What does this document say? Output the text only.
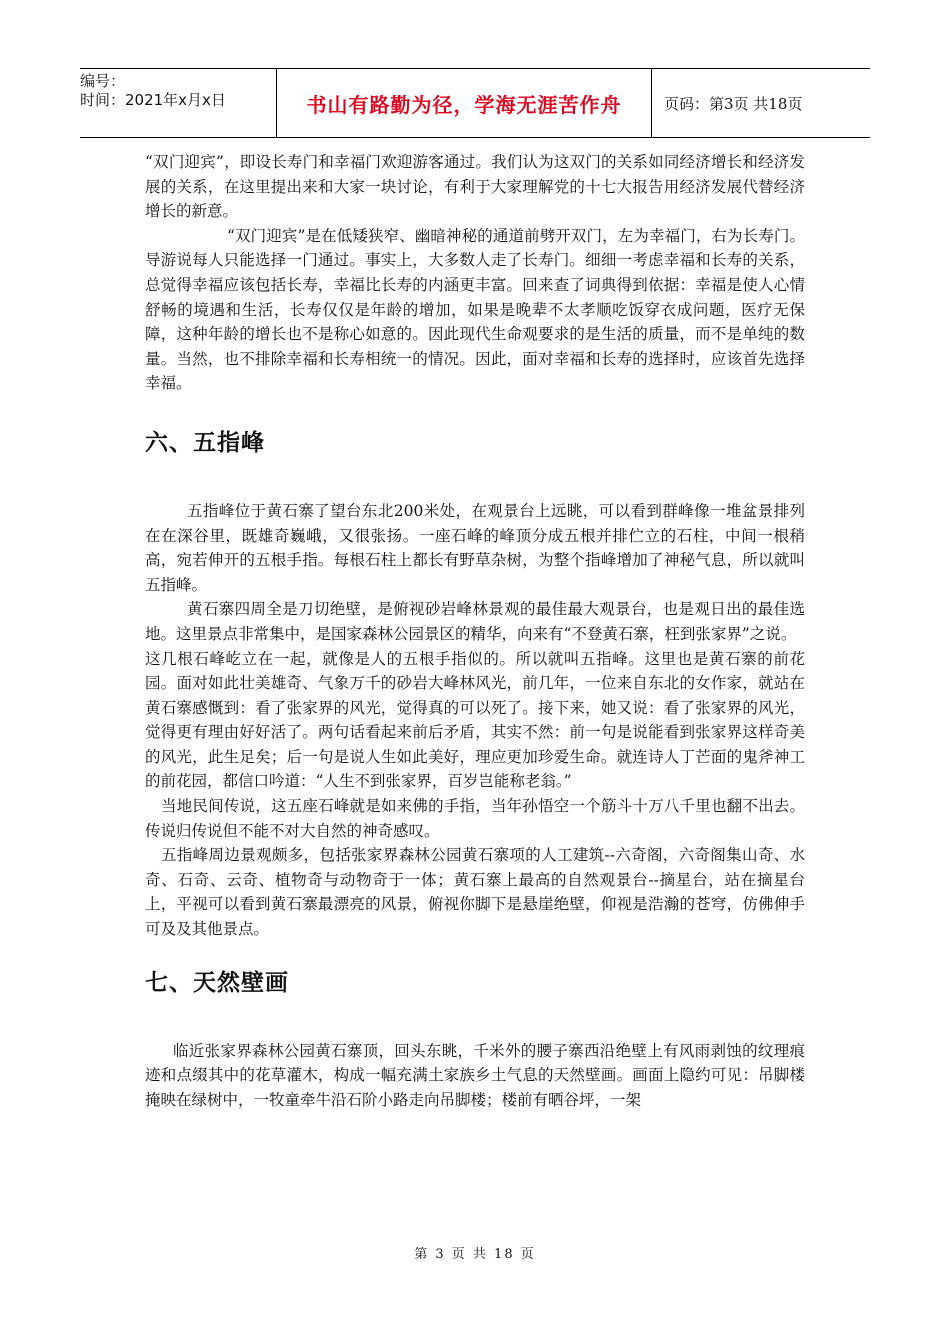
编号：
时间：2021年x月x日	书山有路勤为径，学海无涯苦作舟	页码：第3页 共18页

“双门迎宾”，即设长寿门和幸福门欢迎游客通过。我们认为这双门的关系如同经济增长和经济发展的关系，在这里提出来和大家一块讨论，有利于大家理解党的十七大报告用经济发展代替经济增长的新意。

“双门迎宾”是在低矮狭窄、幽暗神秘的通道前劈开双门，左为幸福门，右为长寿门。导游说每人只能选择一门通过。事实上，大多数人走了长寿门。细细一考虑幸福和长寿的关系，总觉得幸福应该包括长寿，幸福比长寿的内涵更丰富。回来查了词典得到依据：幸福是使人心情舒畅的境遇和生活，长寿仅仅是年龄的增加，如果是晚辈不太孝顺吃饭穿衣成问题，医疗无保障，这种年龄的增长也不是称心如意的。因此现代生命观要求的是生活的质量，而不是单纯的数量。当然，也不排除幸福和长寿相统一的情况。因此，面对幸福和长寿的选择时，应该首先选择幸福。

六、五指峰

五指峰位于黄石寨了望台东北200米处，在观景台上远眺，可以看到群峰像一堆盆景排列在在深谷里，既雄奇巍峨，又很张扬。一座石峰的峰顶分成五根并排伫立的石柱，中间一根稍高，宛若伸开的五根手指。每根石柱上都长有野草杂树，为整个指峰增加了神秘气息，所以就叫五指峰。

黄石寨四周全是刀切绝壁，是俯视砂岩峰林景观的最佳最大观景台，也是观日出的最佳选地。这里景点非常集中，是国家森林公园景区的精华，向来有“不登黄石寨，枉到张家界”之说。

这几根石峰屹立在一起，就像是人的五根手指似的。所以就叫五指峰。这里也是黄石寨的前花园。面对如此壮美雄奇、气象万千的砂岩大峰林风光，前几年，一位来自东北的女作家，就站在黄石寨感慨到：看了张家界的风光，觉得真的可以死了。接下来，她又说：看了张家界的风光，觉得更有理由好好活了。两句话看起来前后矛盾，其实不然：前一句是说能看到张家界这样奇美的风光，此生足矣；后一句是说人生如此美好，理应更加珍爱生命。就连诗人丁芒面的鬼斧神工的前花园，都信口吟道：“人生不到张家界，百岁岂能称老翁。”

当地民间传说，这五座石峰就是如来佛的手指，当年孙悟空一个筋斗十万八千里也翻不出去。传说归传说但不能不对大自然的神奇感叹。

五指峰周边景观颇多，包括张家界森林公园黄石寨项的人工建筑--六奇阁，六奇阁集山奇、水奇、石奇、云奇、植物奇与动物奇于一体；黄石寨上最高的自然观景台--摘星台，站在摘星台上，平视可以看到黄石寨最漂亮的风景，俯视你脚下是悬崖绝壁，仰视是浩瀚的苍穹，仿佛伸手可及及其他景点。

七、天然壁画

临近张家界森林公园黄石寨顶，回头东眺，千米外的腰子寨西沿绝壁上有风雨剥蚀的纹理痕迹和点缀其中的花草灌木，构成一幅充满土家族乡土气息的天然壁画。画面上隐约可见：吊脚楼掩映在绿树中，一牧童牵牛沿石阶小路走向吊脚楼；楼前有晒谷坪，一架

第 3 页 共 18 页
